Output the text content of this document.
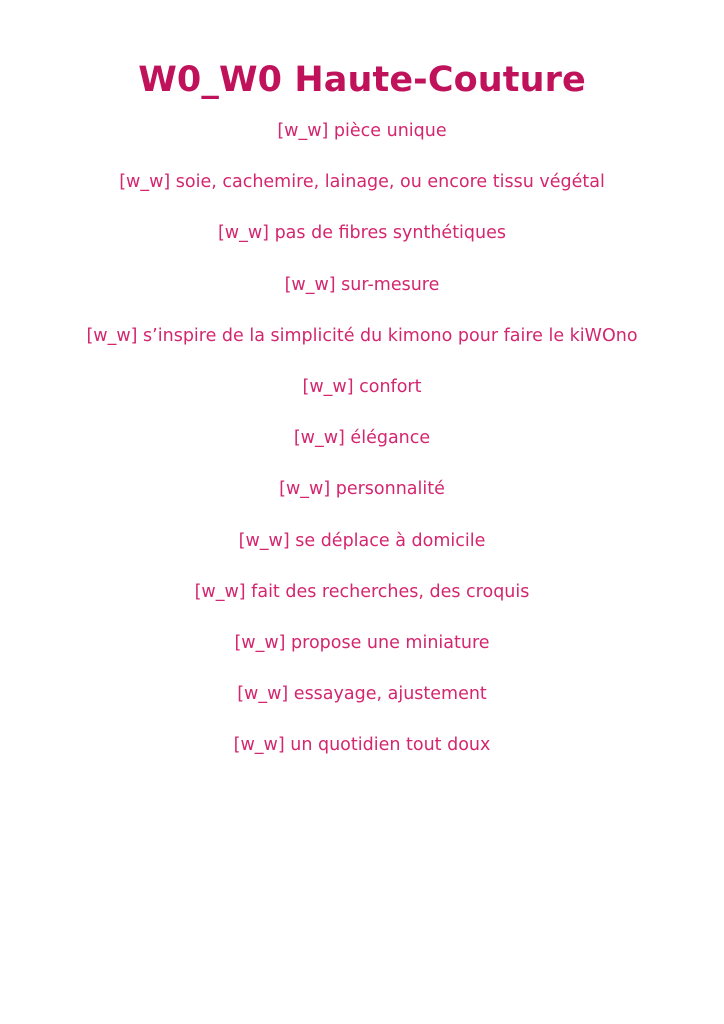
W0_W0 Haute-Couture
[w_w] pièce unique
[w_w] soie, cachemire, lainage, ou encore tissu végétal
[w_w] pas de fibres synthétiques
[w_w] sur-mesure
[w_w] s’inspire de la simplicité du kimono pour faire le kiWOno
[w_w] confort
[w_w] élégance
[w_w] personnalité
[w_w] se déplace à domicile
[w_w] fait des recherches, des croquis
[w_w] propose une miniature
[w_w] essayage, ajustement
[w_w] un quotidien tout doux
